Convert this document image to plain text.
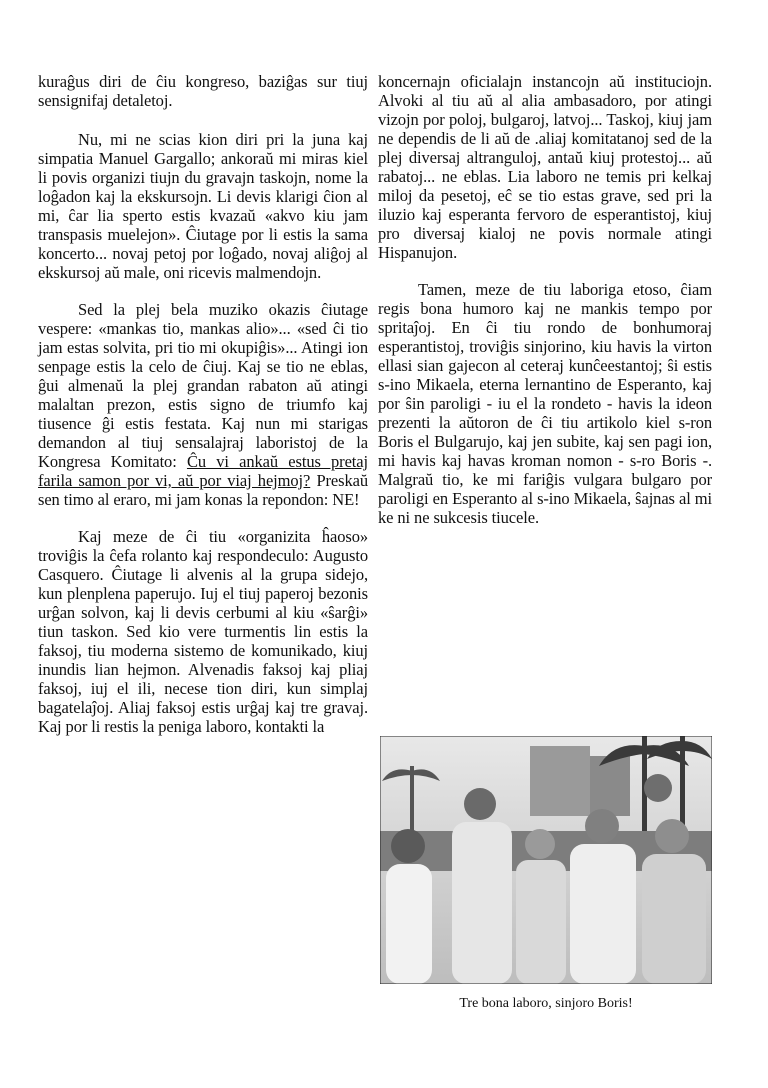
kuraĝus diri de ĉiu kongreso, baziĝas sur tiuj sensignifaj detaletoj.

Nu, mi ne scias kion diri pri la juna kaj simpatia Manuel Gargallo; ankoraŭ mi miras kiel li povis organizi tiujn du gravajn taskojn, nome la loĝadon kaj la ekskursojn. Li devis klarigi ĉion al mi, ĉar lia sperto estis kvazaŭ «akvo kiu jam transpasis muelejon». Ĉiutage por li estis la sama koncerto... novaj petoj por loĝado, novaj aliĝoj al ekskursoj aŭ male, oni ricevis malmendojn.

Sed la plej bela muziko okazis ĉiutage vespere: «mankas tio, mankas alio»... «sed ĉi tio jam estas solvita, pri tio mi okupiĝis»... Atingi ion senpage estis la celo de ĉiuj. Kaj se tio ne eblas, ĝui almenaŭ la plej grandan rabaton aŭ atingi malaltan prezon, estis signo de triumfo kaj tiusence ĝi estis festata. Kaj nun mi starigas demandon al tiuj sensalajraj laboristoj de la Kongresa Komitato: Ĉu vi ankaŭ estus pretaj farila samon por vi, aŭ por viaj hejmoj? Preskaŭ sen timo al eraro, mi jam konas la repondon: NE!

Kaj meze de ĉi tiu «organizita ĥaoso» troviĝis la ĉefa rolanto kaj respondeculo: Augusto Casquero. Ĉiutage li alvenis al la grupa sidejo, kun plenplena paperujo. Iuj el tiuj paperoj bezonis urĝan solvon, kaj li devis cerbumi al kiu «ŝarĝi» tiun taskon. Sed kio vere turmentis lin estis la faksoj, tiu moderna sistemo de komunikado, kiuj inundis lian hejmon. Alvenadis faksoj kaj pliaj faksoj, iuj el ili, necese tion diri, kun simplaj bagatelaĵoj. Aliaj faksoj estis urĝaj kaj tre gravaj. Kaj por li restis la peniga laboro, kontakti la

koncernajn oficialajn instancojn aŭ instituciojn. Alvoki al tiu aŭ al alia ambasadoro, por atingi vizojn por poloj, bulgaroj, latvoj... Taskoj, kiuj jam ne dependis de li aŭ de .aliaj komitatanoj sed de la plej diversaj altranguloj, antaŭ kiuj protestoj... aŭ rabatoj... ne eblas. Lia laboro ne temis pri kelkaj miloj da pesetoj, eĉ se tio estas grave, sed pri la iluzio kaj esperanta fervoro de esperantistoj, kiuj pro diversaj kialoj ne povis normale atingi Hispanujon.

Tamen, meze de tiu laboriga etoso, ĉiam regis bona humoro kaj ne mankis tempo por spritaĵoj. En ĉi tiu rondo de bonhumoraj esperantistoj, troviĝis sinjorino, kiu havis la virton ellasi sian gajecon al ceteraj kunĉeestantoj; ŝi estis s-ino Mikaela, eterna lernantino de Esperanto, kaj por ŝin paroligi - iu el la rondeto - havis la ideon prezenti la aŭtoron de ĉi tiu artikolo kiel s-ron Boris el Bulgarujo, kaj jen subite, kaj sen pagi ion, mi havis kaj havas kroman nomon - s-ro Boris -. Malgraŭ tio, ke mi fariĝis vulgara bulgaro por paroligi en Esperanto al s-ino Mikaela, ŝajnas al mi ke ni ne sukcesis tiucele.

Tre bona laboro, sinjoro Boris!
